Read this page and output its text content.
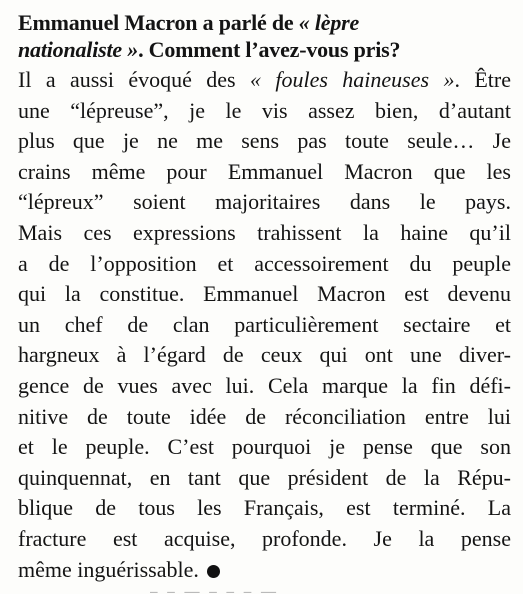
Emmanuel Macron a parlé de « lèpre
nationaliste ». Comment l’avez-vous pris?

Il a aussi évoqué des « foules haineuses ». Être
une “lépreuse”, je le vis assez bien, d’autant
plus que je ne me sens pas toute seule… Je
crains même pour Emmanuel Macron que les
“lépreux” soient majoritaires dans le pays.
Mais ces expressions trahissent la haine qu’il
a de l’opposition et accessoirement du peuple
qui la constitue. Emmanuel Macron est devenu
un chef de clan particulièrement sectaire et
hargneux à l’égard de ceux qui ont une diver-
gence de vues avec lui. Cela marque la fin défi-
nitive de toute idée de réconciliation entre lui
et le peuple. C’est pourquoi je pense que son
quinquennat, en tant que président de la Répu-
blique de tous les Français, est terminé. La
fracture est acquise, profonde. Je la pense
même inguérissable.
– – — – – – —
